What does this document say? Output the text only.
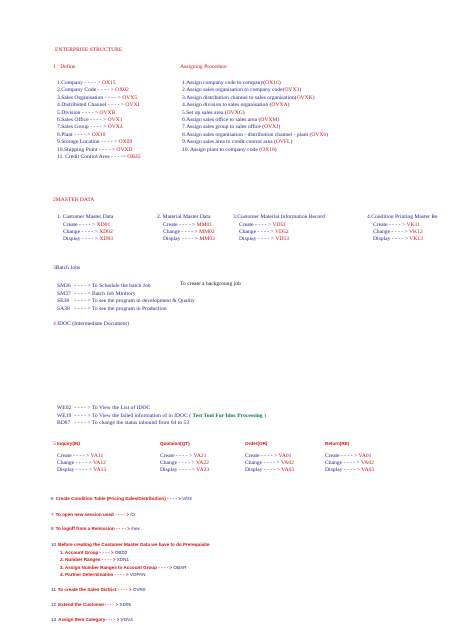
ENTERPRISE STRUCTURE
1 Define	Assigning Procedure
1.Company - - - - > OX15
2.Company Code - - - - > OX02
3.Sales Organisation - - - - > OVX5
4.Distributed Channel - - - - > OVXI
5.Division - - - - > OVXB
6.Sales Office - - - - > OVX1
7.Sales Group - - - - > OVX4
8.Plant - - - - > OX10
9.Storage Location - - - - > OX09
10.Shipping Point - - - - > OVXD
11. Credit Control Area - - - -> OB45
1.Assign company code to company(OX16)
2.Assign sales organisation to company code(OVX3)
3.Assign distribution channel to sales organisation(OVXK)
4.Assign division to sales organisation (OVXA)
5.Set up sales area (OVXG)
6.Assign sales office to sales area (OVXM)
7.Assign sales group to sales office (OVXJ)
8.Assign sales organisation - distribution channel - plant (OVX6)
9.Assign sales area to credit control area (OVFL)
10. Assign plant to company code (OX18)
2MASTER DATA
1. Customer Master Data
Create - - - - > XD01
Change - - - - > XD02
Display - - - - > XD03
2. Material Master Data
Create - - - - > MM01
Change - - - - > MM02
Display - - - - > MM03
3.Customer Material Information Record
Create - - - - > VD51
Change - - - - > VD52
Display - - - - > VD53
4.Condition Printing Master Re
Create - - - - > VK11
Change - - - - > VK12
Display - - - - > VK13
3Batch Jobs
To create a backgroung job
SM36 - - - - > To Schedule the batch Job
SM37 - - - - > Batch Job Minitory
SE38 - - - - > To see the program in development & Quality
SA38 - - - - > To see the program in Production
4 IDOC (Intermediate Document)
WE02 - - - - > To View the List of IDOC
WE19 - - - - > To View the failed information of in IDOC ( Test Tool For Idoc Processing )
BD87 - - - - > To change the status inbound from 64 to 53
5 Inquiry(IN)
Create - - - - > VA11
Change - - - - > VA12
Display - - - - > VA13
Quotaion(QT)
Create - - - - > VA21
Change - - - - > VA22
Display - - - - > VA23
Order(OR)
Create - - - - > VA01
Change - - - - > VA02
Display - - - - > VA03
Return(RE)
Create - - - - > VA01
Change - - - - > VA02
Display - - - - > VA03
6 Create Condition Table (Pricing Sales/Distribution) - - - - > V/03
7 To open new session used - - - - > /O
8 To logoff from a Remission - - - - > /nex
10 Before creating the Customer Master Data we have to do Prerequisite
11 To create the Sales District - - - - > OVR0
12 Extend the Customer- - - - > XD05
13 Assign Item Category- - - - > VOV4
1. Account Group - - - - > OBD2
2. Number Ranges - - - - > XDN1
3. Assign Number Ranges to Account Group - - - - > OBAR
4. Partner Determination - - - - > VOPAN
